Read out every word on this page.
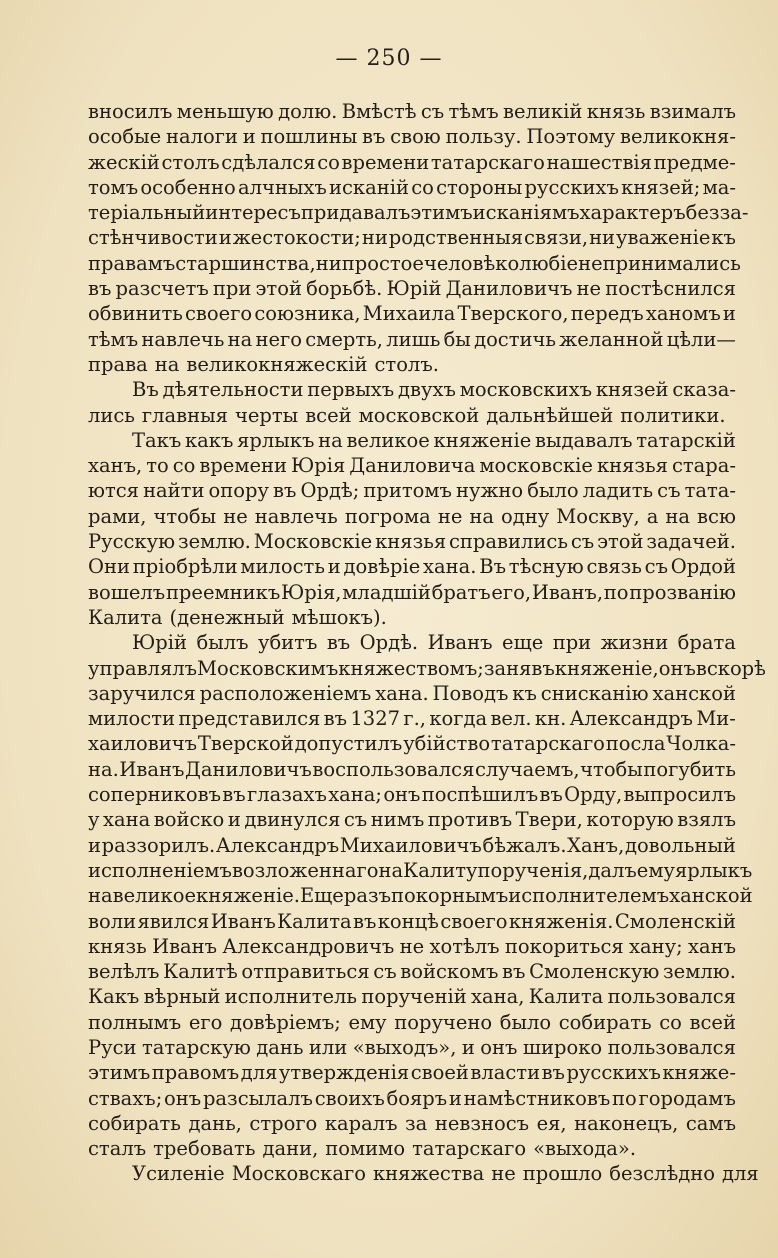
— 250 —
вносилъ меньшую долю. Вмѣстѣ съ тѣмъ великій князь взималъ
особые налоги и пошлины въ свою пользу. Поэтому великокня-
жескій столъ сдѣлался со времени татарскаго нашествія предме-
томъ особенно алчныхъ исканій со стороны русскихъ князей; ма-
теріальный интересъ придавалъ этимъ исканіямъ характеръ безза-
стѣнчивости и жестокости; ни родственныя связи, ни уваженіе къ
правамъ старшинства, ни простое человѣколюбіе не принимались
въ разсчетъ при этой борьбѣ. Юрій Даниловичъ не постѣснился
обвинить своего союзника, Михаила Тверского, передъ ханомъ и
тѣмъ навлечь на него смерть, лишь бы достичь желанной цѣли—
права на великокняжескій столъ.
Въ дѣятельности первыхъ двухъ московскихъ князей сказа-
лись главныя черты всей московской дальнѣйшей политики.
Такъ какъ ярлыкъ на великое княженіе выдавалъ татарскій
ханъ, то со времени Юрія Даниловича московскіе князья стара-
ются найти опору въ Ордѣ; притомъ нужно было ладить съ тата-
рами, чтобы не навлечь погрома не на одну Москву, а на всю
Русскую землю. Московскіе князья справились съ этой задачей.
Они пріобрѣли милость и довѣріе хана. Въ тѣсную связь съ Ордой
вошелъ преемникъ Юрія, младшій братъ его, Иванъ, по прозванію
Калита (денежный мѣшокъ).
Юрій былъ убитъ въ Ордѣ. Иванъ еще при жизни брата
управлялъ Московскимъ княжествомъ; занявъ княженіе, онъ вскорѣ
заручился расположеніемъ хана. Поводъ къ снисканію ханской
милости представился въ 1327 г., когда вел. кн. Александръ Ми-
хаиловичъ Тверской допустилъ убійство татарскаго посла Чолка-
на. Иванъ Даниловичъ воспользовался случаемъ, чтобы погубить
соперниковъ въ глазахъ хана; онъ поспѣшилъ въ Орду, выпросилъ
у хана войско и двинулся съ нимъ противъ Твери, которую взялъ
и раззорилъ. Александръ Михаиловичъ бѣжалъ. Ханъ, довольный
исполненіемъ возложеннаго на Калиту порученія, далъ ему ярлыкъ
на великое княженіе. Еще разъ покорнымъ исполнителемъ ханской
воли явился Иванъ Калита въ концѣ своего княженія. Смоленскій
князь Иванъ Александровичъ не хотѣлъ покориться хану; ханъ
велѣлъ Калитѣ отправиться съ войскомъ въ Смоленскую землю.
Какъ вѣрный исполнитель порученій хана, Калита пользовался
полнымъ его довѣріемъ; ему поручено было собирать со всей
Руси татарскую дань или «выходъ», и онъ широко пользовался
этимъ правомъ для утвержденія своей власти въ русскихъ княже-
ствахъ; онъ разсылалъ своихъ бояръ и намѣстниковъ по городамъ
собирать дань, строго каралъ за невзносъ ея, наконецъ, самъ
сталъ требовать дани, помимо татарскаго «выхода».
Усиленіе Московскаго княжества не прошло безслѣдно для
